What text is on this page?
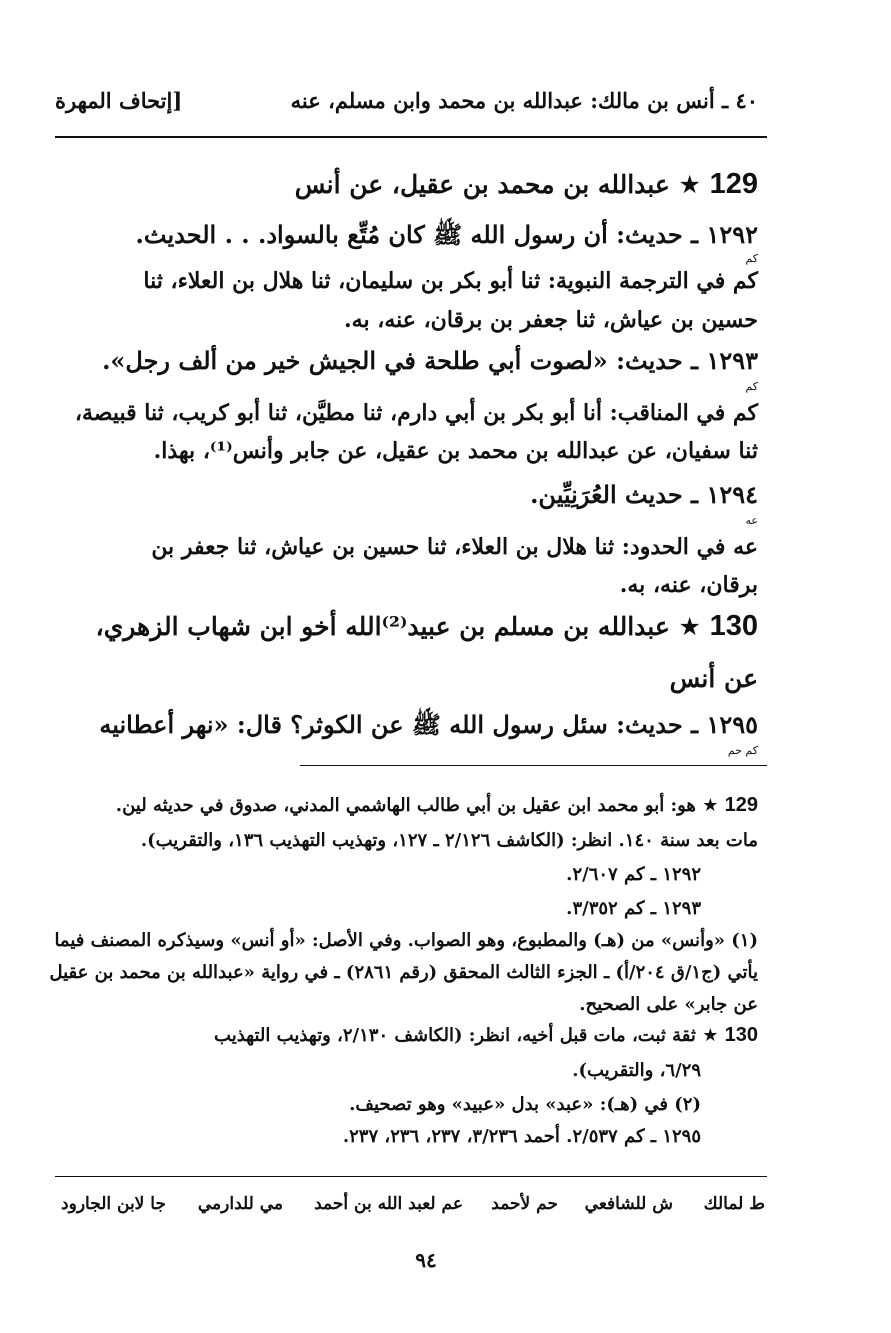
٤٠ ـ أنس بن مالك: عبدالله بن محمد وابن مسلم، عنه
[إتحاف المهرة
129 ★ عبدالله بن محمد بن عقيل، عن أنس
١٢٩٢ ـ حديث: أن رسول الله ﷺ كان مُتِّع بالسواد. . . الحديث.
كم
كم في الترجمة النبوية: ثنا أبو بكر بن سليمان، ثنا هلال بن العلاء، ثنا
حسين بن عياش، ثنا جعفر بن برقان، عنه، به.
١٢٩٣ ـ حديث: «لصوت أبي طلحة في الجيش خير من ألف رجل».
كم
كم في المناقب: أنا أبو بكر بن أبي دارم، ثنا مطيَّن، ثنا أبو كريب، ثنا قبيصة،
ثنا سفيان، عن عبدالله بن محمد بن عقيل، عن جابر وأنس⁽¹⁾، بهذا.
١٢٩٤ ـ حديث العُرَنِيِّين.
عه
عه في الحدود: ثنا هلال بن العلاء، ثنا حسين بن عياش، ثنا جعفر بن
برقان، عنه، به.
130 ★ عبدالله بن مسلم بن عبيد⁽²⁾الله أخو ابن شهاب الزهري،
عن أنس
١٢٩٥ ـ حديث: سئل رسول الله ﷺ عن الكوثر؟ قال: «نهر أعطانيه
كم حم
129 ★ هو: أبو محمد ابن عقيل بن أبي طالب الهاشمي المدني، صدوق في حديثه لين.
مات بعد سنة ١٤٠. انظر: (الكاشف ٢/١٢٦ ـ ١٢٧، وتهذيب التهذيب ١٣٦، والتقريب).
١٢٩٢ ـ كم ٢/٦٠٧.
١٢٩٣ ـ كم ٣/٣٥٢.
(١) «وأنس» من (هـ) والمطبوع، وهو الصواب. وفي الأصل: «أو أنس» وسيذكره المصنف فيما
يأتي (ج١/ق ٢٠٤/أ) ـ الجزء الثالث المحقق (رقم ٢٨٦١) ـ في رواية «عبدالله بن محمد بن عقيل
عن جابر» على الصحيح.
130 ★ ثقة ثبت، مات قبل أخيه، انظر: (الكاشف ٢/١٣٠، وتهذيب التهذيب
٦/٢٩، والتقريب).
(٢) في (هـ): «عبد» بدل «عبيد» وهو تصحيف.
١٢٩٥ ـ كم ٢/٥٣٧. أحمد ٣/٢٣٦، ٢٣٧، ٢٣٦، ٢٣٧.
ط لمالك
ش للشافعي
حم لأحمد
عم لعبد الله بن أحمد
مي للدارمي
جا لابن الجارود
٩٤
